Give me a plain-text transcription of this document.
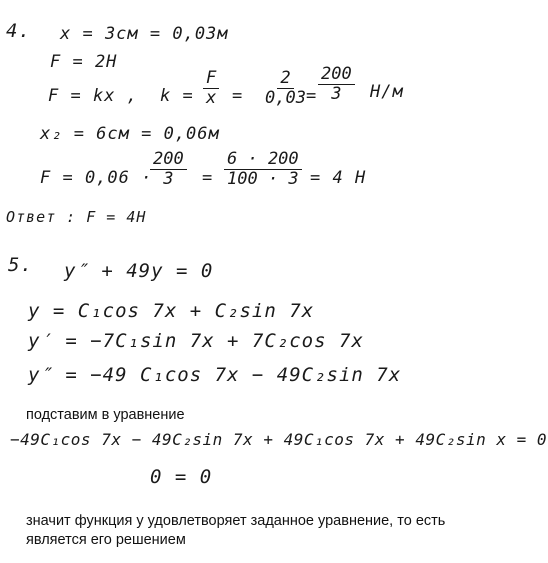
4. x = 3см = 0,03м
F = 2Н
F = kx , $k = \frac{F}{x} = \frac{2}{0,03}$
= $\frac{200}{3} Н/м$
x₂ = 6см = 0,06м
F = 0,06 ·
$\frac{200}{3} = \frac{6 \cdot 200}{100 \cdot 3} = 4$ Н
Ответ : F = 4Н
5. y″ + 49y = 0
y = C₁cos 7x + C₂sin 7x
y′ = −7C₁sin 7x + 7C₂cos 7x
y″ = −49 C₁cos 7x − 49C₂sin 7x
подставим в уравнение
−49C₁cos 7x − 49C₂sin 7x + 49C₁cos 7x + 49C₂sin x = 0
0 = 0
значит функция у удовлетворяет заданное уравнение, то есть
является его решением
